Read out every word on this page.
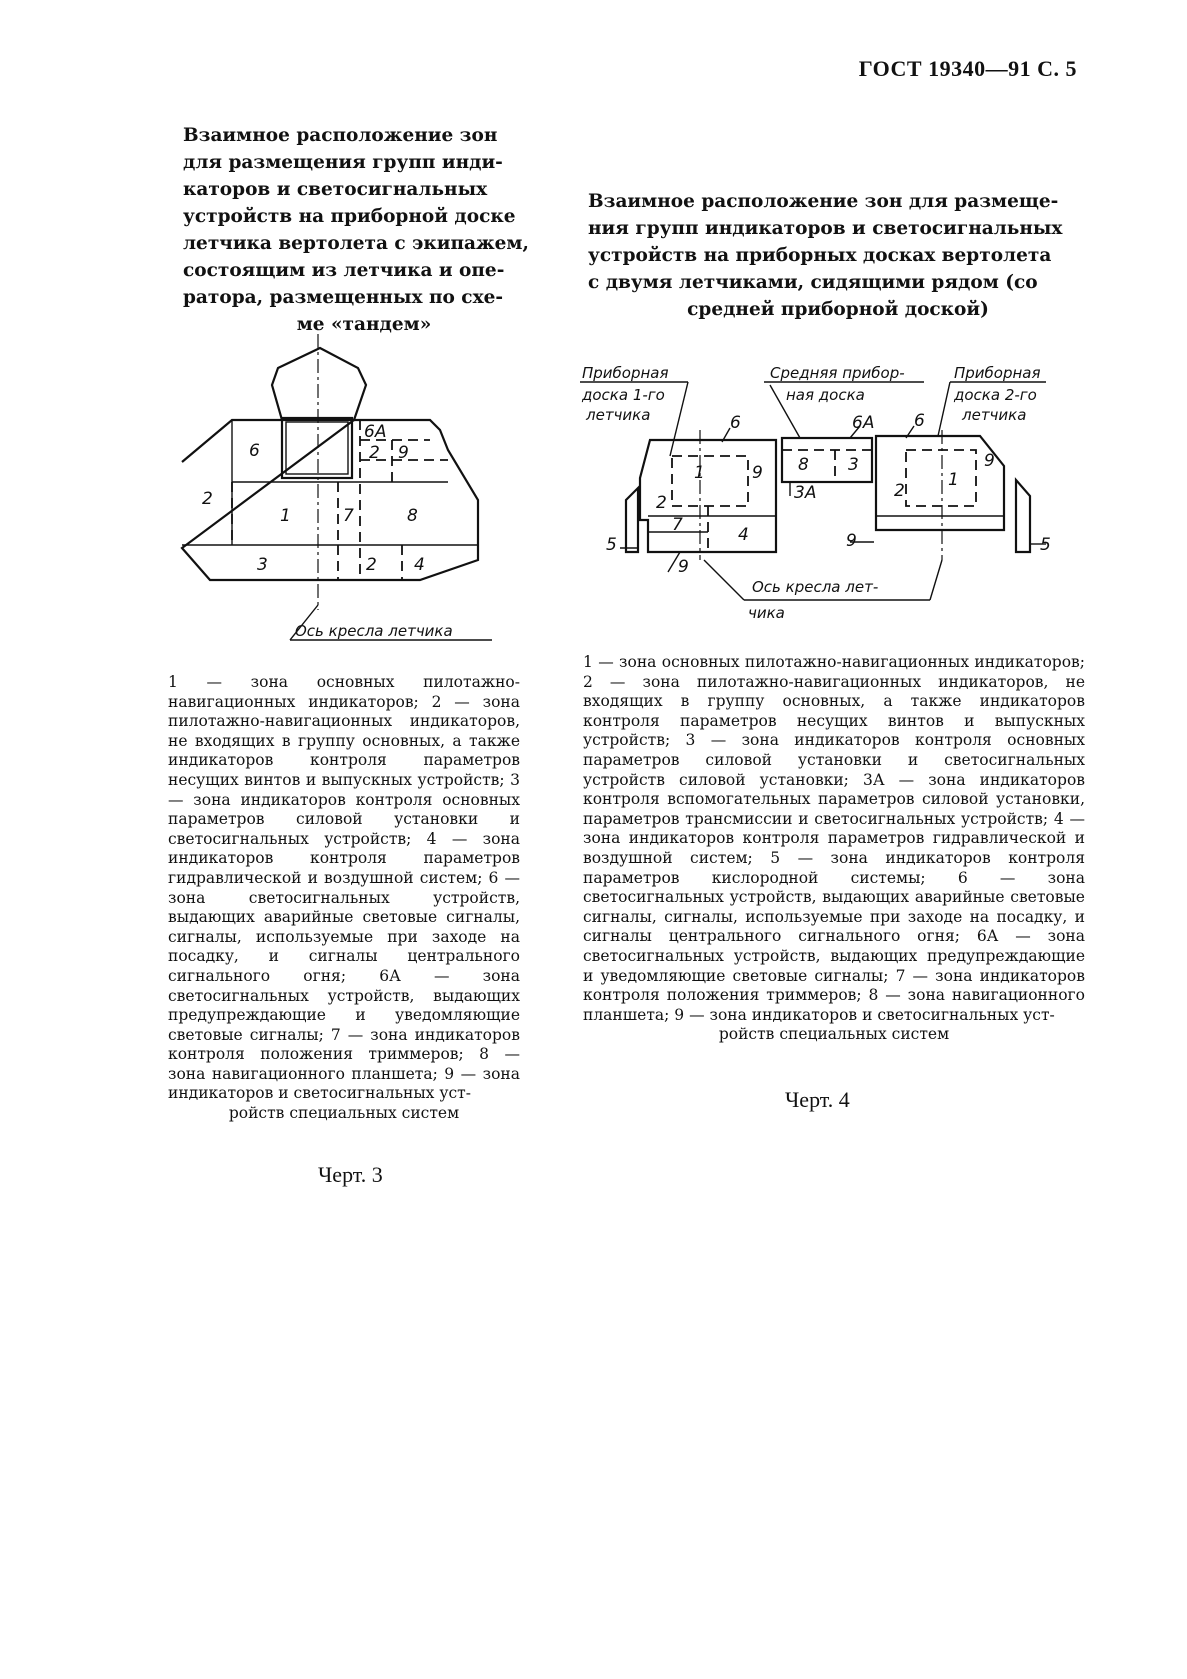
ГОСТ 19340—91 С. 5
Взаимное расположение зон
для размещения групп инди-
каторов и светосигнальных
устройств на приборной доске
летчика вертолета с экипажем,
состоящим из летчика и опе-
ратора, размещенных по схе-
ме «тандем»
Взаимное расположение зон для размеще-
ния групп индикаторов и светосигнальных
устройств на приборных досках вертолета
с двумя летчиками, сидящими рядом (со
средней приборной доской)
6
6A
2 9
2
1	7	8
3	2 4
Ось кресла летчика
Приборная
доска 1-го
летчика
Средняя прибор-
ная доска
Приборная
доска 2-го
летчика
6
1	9
2
7	4
9
5
6A
8 3
3A
6
1
9
2
9	5
Ось кресла лет-
чика
1 — зона основных пилотажно-навигационных индикаторов; 2 — зона пилотажно-навигационных индикаторов, не входящих в группу основных, а также индикаторов контроля параметров несущих винтов и выпускных устройств; 3 — зона индикаторов контроля основных параметров силовой установки и светосигнальных устройств; 4 — зона индикаторов контроля параметров гидравлической и воздушной систем; 6 — зона светосигнальных устройств, выдающих аварийные световые сигналы, сигналы, используемые при заходе на посадку, и сигналы центрального сигнального огня; 6А — зона светосигнальных устройств, выдающих предупреждающие и уведомляющие световые сигналы; 7 — зона индикаторов контроля положения триммеров; 8 — зона навигационного планшета; 9 — зона индикаторов и светосигнальных уст-
ройств специальных систем
1 — зона основных пилотажно-навигационных индикаторов; 2 — зона пилотажно-навигационных индикаторов, не входящих в группу основных, а также индикаторов контроля параметров несущих винтов и выпускных устройств; 3 — зона индикаторов контроля основных параметров силовой установки и светосигнальных устройств силовой установки; 3А — зона индикаторов контроля вспомогательных параметров силовой установки, параметров трансмиссии и светосигнальных устройств; 4 — зона индикаторов контроля параметров гидравлической и воздушной систем; 5 — зона индикаторов контроля параметров кислородной системы; 6 — зона светосигнальных устройств, выдающих аварийные световые сигналы, сигналы, используемые при заходе на посадку, и сигналы центрального сигнального огня; 6А — зона светосигнальных устройств, выдающих предупреждающие и уведомляющие световые сигналы; 7 — зона индикаторов контроля положения триммеров; 8 — зона навигационного планшета; 9 — зона индикаторов и светосигнальных уст-
ройств специальных систем
Черт. 3
Черт. 4
